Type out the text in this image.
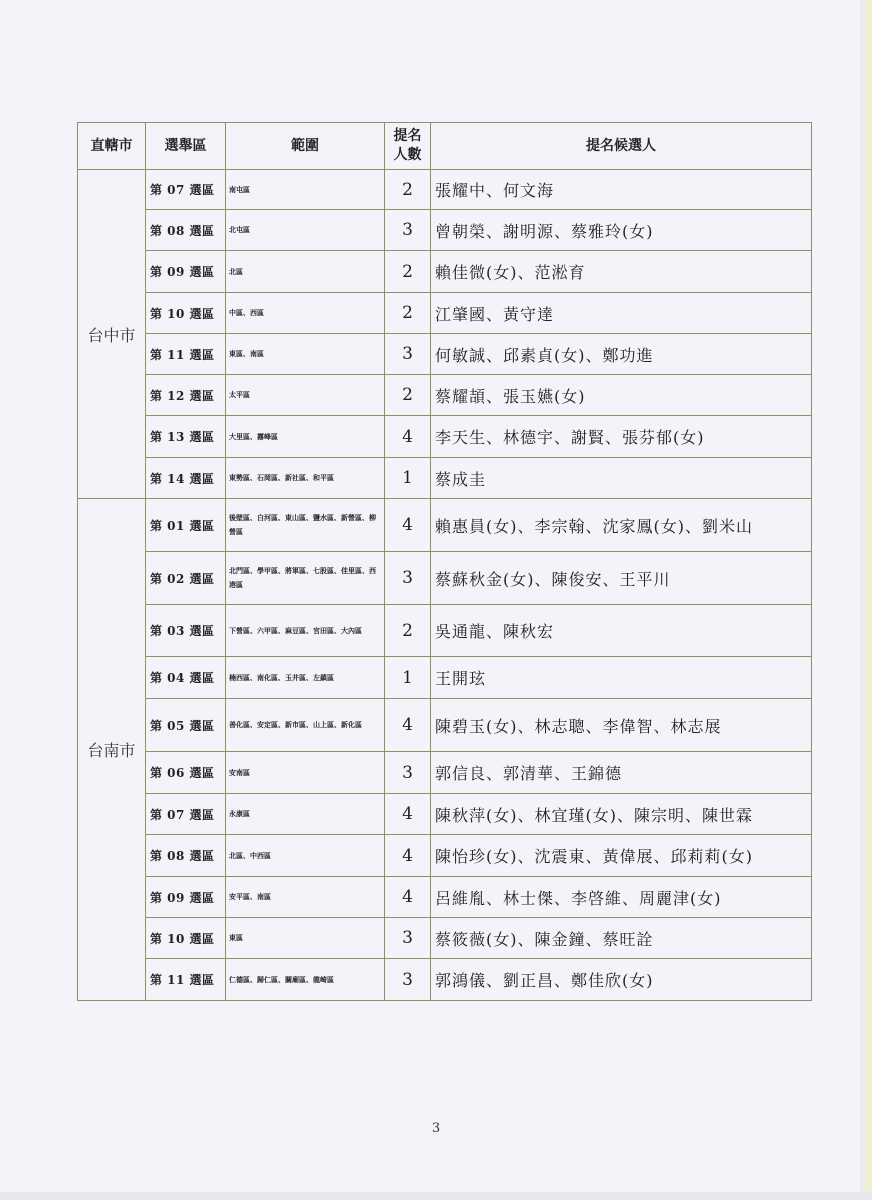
直轄市	選舉區	範圍	提名人數	提名候選人
台中市	第 07 選區	南屯區	2	張耀中、何文海
	第 08 選區	北屯區	3	曾朝榮、謝明源、蔡雅玲(女)
	第 09 選區	北區	2	賴佳微(女)、范淞育
	第 10 選區	中區、西區	2	江肇國、黃守達
	第 11 選區	東區、南區	3	何敏誠、邱素貞(女)、鄭功進
	第 12 選區	太平區	2	蔡耀頡、張玉嬿(女)
	第 13 選區	大里區、霧峰區	4	李天生、林德宇、謝賢、張芬郁(女)
	第 14 選區	東勢區、石岡區、新社區、和平區	1	蔡成圭
台南市	第 01 選區	後壁區、白河區、東山區、鹽水區、新營區、柳營區	4	賴惠員(女)、李宗翰、沈家鳳(女)、劉米山
	第 02 選區	北門區、學甲區、將軍區、七股區、佳里區、西港區	3	蔡蘇秋金(女)、陳俊安、王平川
	第 03 選區	下營區、六甲區、麻豆區、官田區、大內區	2	吳通龍、陳秋宏
	第 04 選區	楠西區、南化區、玉井區、左鎮區	1	王開玹
	第 05 選區	善化區、安定區、新市區、山上區、新化區	4	陳碧玉(女)、林志聰、李偉智、林志展
	第 06 選區	安南區	3	郭信良、郭清華、王錦德
	第 07 選區	永康區	4	陳秋萍(女)、林宜瑾(女)、陳宗明、陳世霖
	第 08 選區	北區、中西區	4	陳怡珍(女)、沈震東、黃偉展、邱莉莉(女)
	第 09 選區	安平區、南區	4	呂維胤、林士傑、李啓維、周麗津(女)
	第 10 選區	東區	3	蔡筱薇(女)、陳金鐘、蔡旺詮
	第 11 選區	仁德區、歸仁區、關廟區、龍崎區	3	郭鴻儀、劉正昌、鄭佳欣(女)
3
